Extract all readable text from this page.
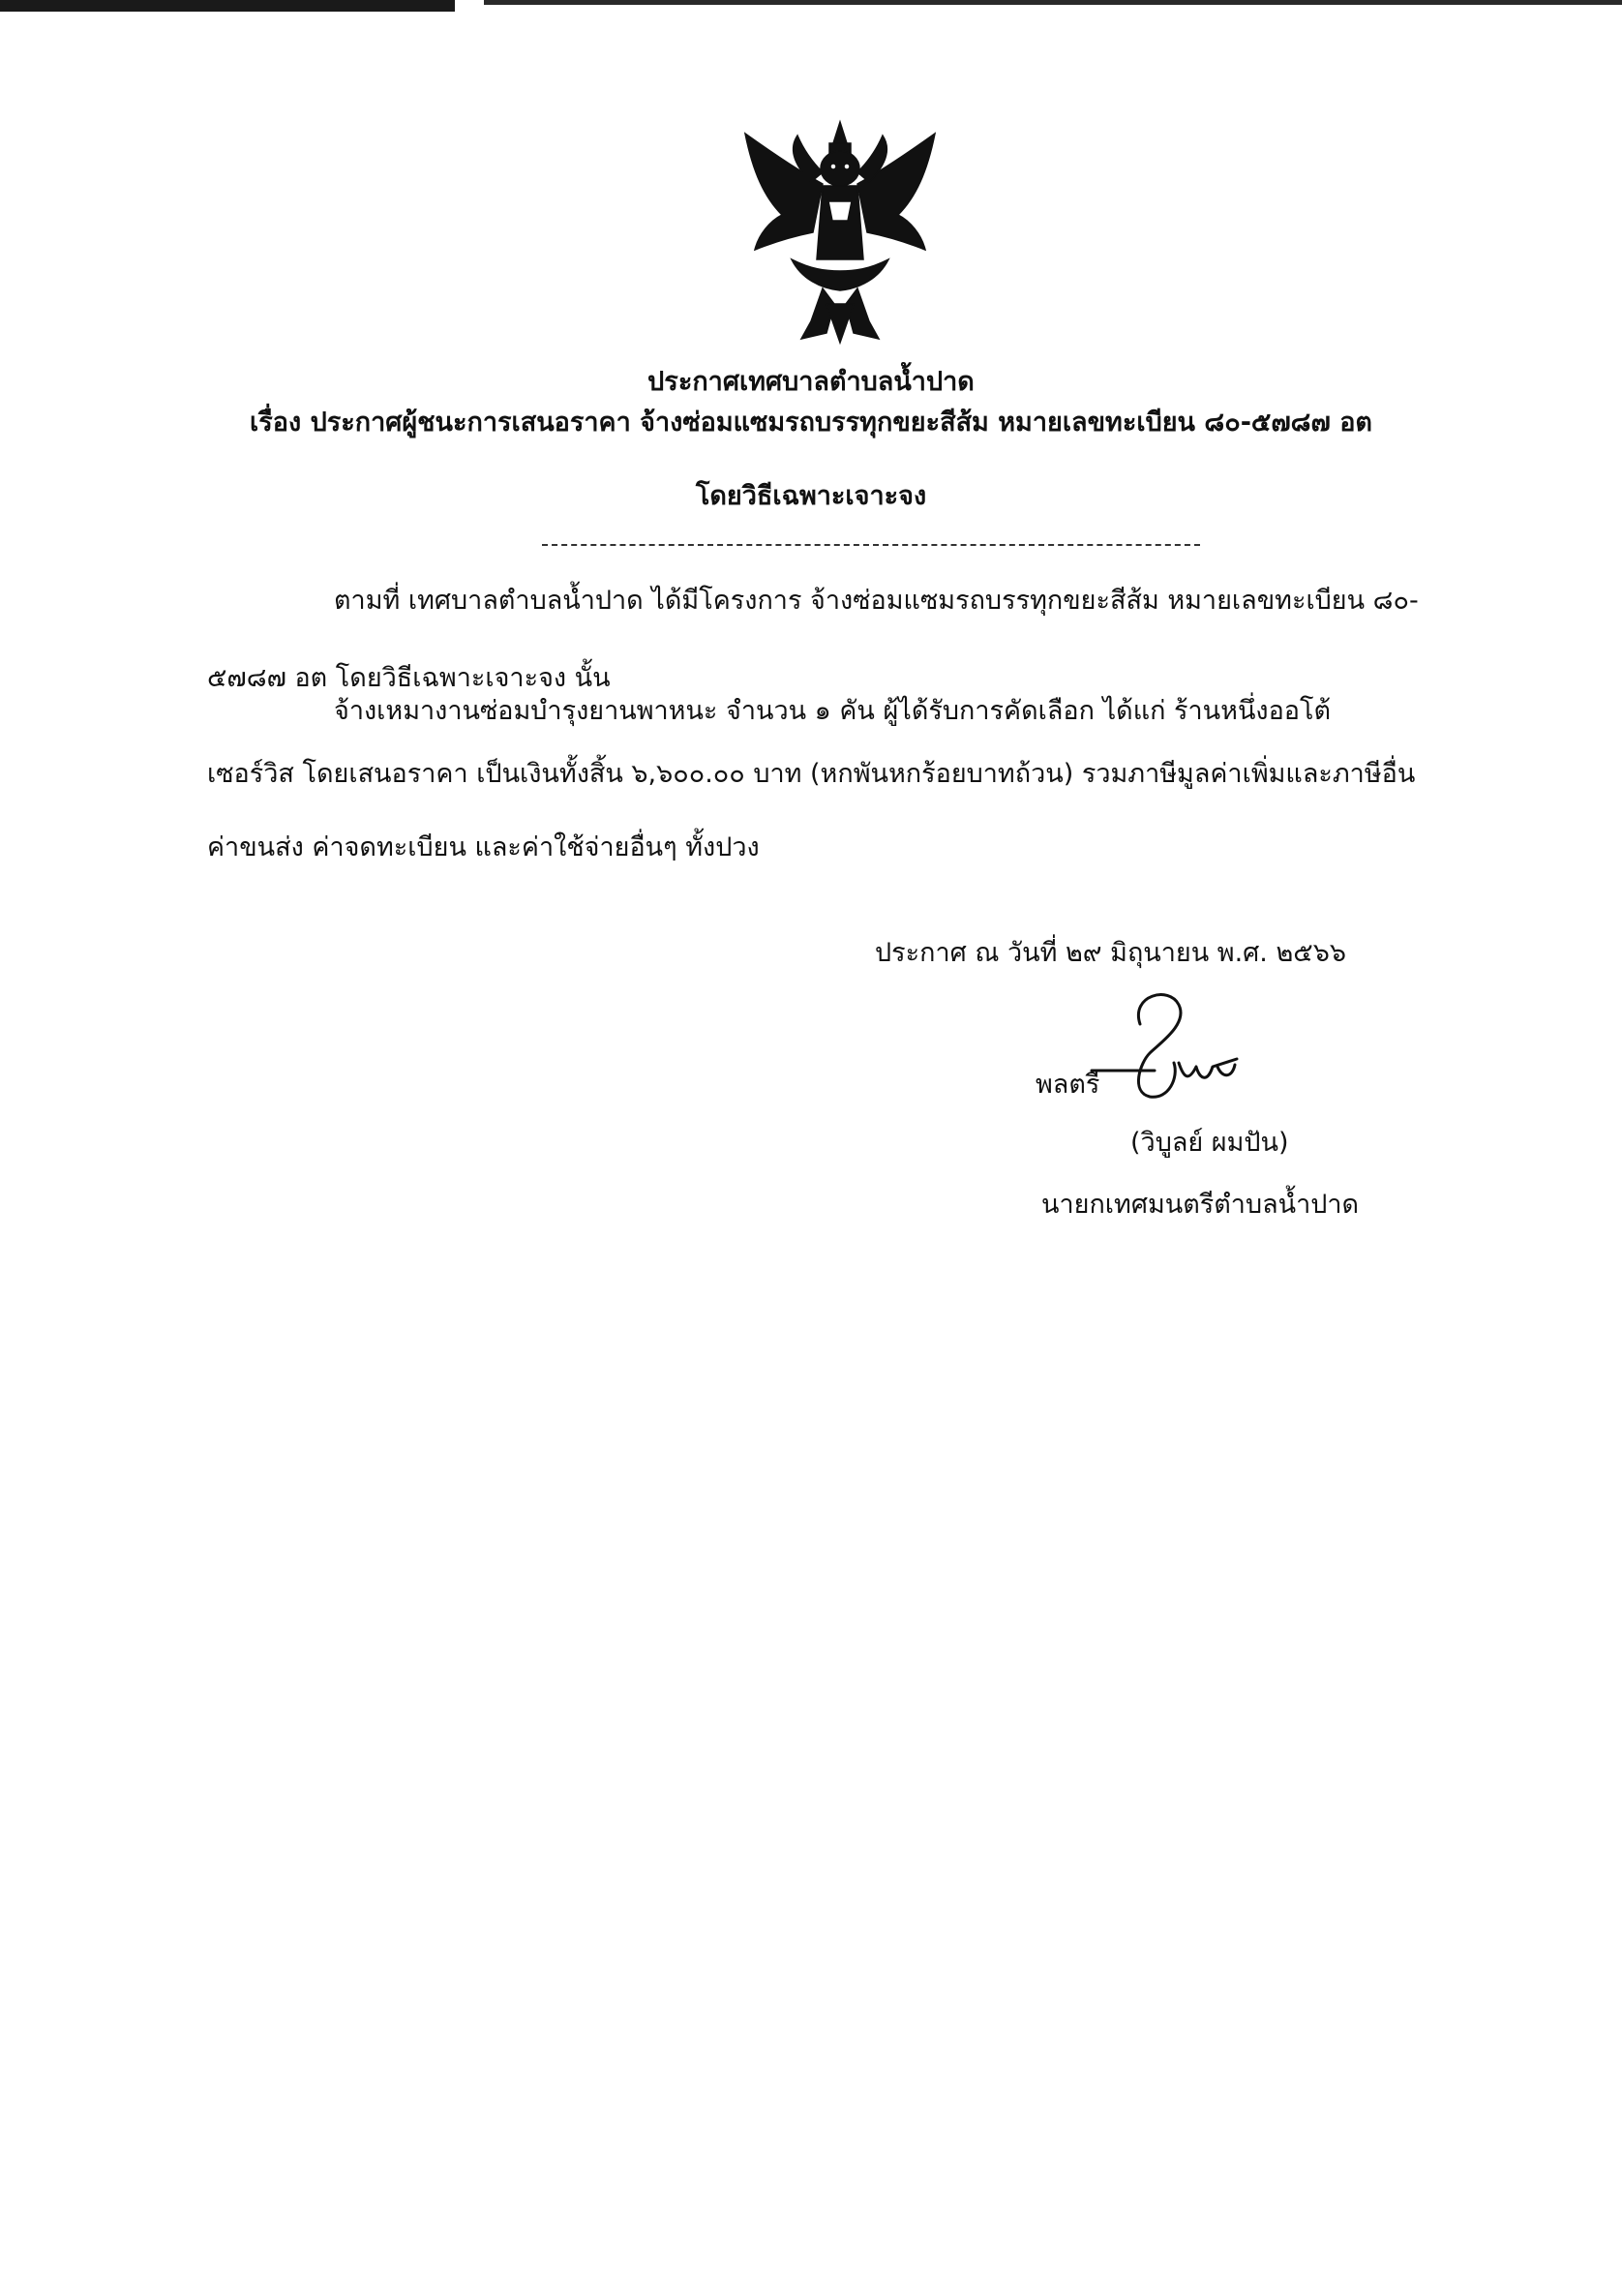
ประกาศเทศบาลตำบลน้ำปาด
เรื่อง ประกาศผู้ชนะการเสนอราคา จ้างซ่อมแซมรถบรรทุกขยะสีส้ม หมายเลขทะเบียน ๘๐-๕๗๘๗ อต
โดยวิธีเฉพาะเจาะจง
ตามที่ เทศบาลตำบลน้ำปาด ได้มีโครงการ จ้างซ่อมแซมรถบรรทุกขยะสีส้ม หมายเลขทะเบียน ๘๐-
๕๗๘๗ อต โดยวิธีเฉพาะเจาะจง นั้น
จ้างเหมางานซ่อมบำรุงยานพาหนะ จำนวน ๑ คัน ผู้ได้รับการคัดเลือก ได้แก่ ร้านหนึ่งออโต้
เซอร์วิส โดยเสนอราคา เป็นเงินทั้งสิ้น ๖,๖๐๐.๐๐ บาท (หกพันหกร้อยบาทถ้วน) รวมภาษีมูลค่าเพิ่มและภาษีอื่น
ค่าขนส่ง ค่าจดทะเบียน และค่าใช้จ่ายอื่นๆ ทั้งปวง
ประกาศ ณ วันที่ ๒๙ มิถุนายน พ.ศ. ๒๕๖๖
พลตรี
(วิบูลย์ ผมปัน)
นายกเทศมนตรีตำบลน้ำปาด
